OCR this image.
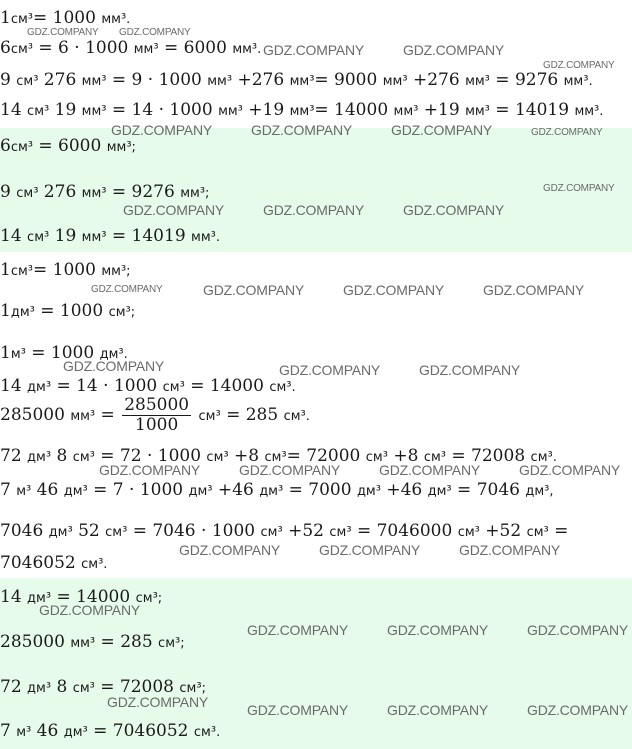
1см³= 1000 мм³.
6см³ = 6 · 1000 мм³ = 6000 мм³.
9 см³ 276 мм³ = 9 · 1000 мм³ +276 мм³= 9000 мм³ +276 мм³ = 9276 мм³.
14 см³ 19 мм³ = 14 · 1000 мм³ +19 мм³= 14000 мм³ +19 мм³ = 14019 мм³.
6см³ = 6000 мм³;
9 см³ 276 мм³ = 9276 мм³;
14 см³ 19 мм³ = 14019 мм³.
1см³= 1000 мм³;
1дм³ = 1000 см³;
1м³ = 1000 дм³.
14 дм³ = 14 · 1000 см³ = 14000 см³.
285000 $мм^3 = \frac{285000}{1000} см^3 = 285$ см³.
72 дм³ 8 см³ = 72 · 1000 см³ +8 см³= 72000 см³ +8 см³ = 72008 см³.
7 м³ 46 дм³ = 7 · 1000 дм³ +46 дм³ = 7000 дм³ +46 дм³ = 7046 дм³,
7046 дм³ 52 см³ = 7046 · 1000 см³ +52 см³ = 7046000 см³ +52 см³ =
7046052 см³.
14 дм³ = 14000 см³;
285000 мм³ = 285 см³;
72 дм³ 8 см³ = 72008 см³;
7 м³ 46 дм³ = 7046052 см³.
GDZ.COMPANY GDZ.COMPANY
GDZ.COMPANY	GDZ.COMPANY
GDZ.COMPANY
GDZ.COMPANY	GDZ.COMPANY	GDZ.COMPANY	GDZ.COMPANY
GDZ.COMPANY
GDZ.COMPANY	GDZ.COMPANY	GDZ.COMPANY
GDZ.COMPANY	GDZ.COMPANY	GDZ.COMPANY	GDZ.COMPANY
GDZ.COMPANY	GDZ.COMPANY	GDZ.COMPANY
GDZ.COMPANY	GDZ.COMPANY	GDZ.COMPANY	GDZ.COMPANY
GDZ.COMPANY	GDZ.COMPANY	GDZ.COMPANY
GDZ.COMPANY
GDZ.COMPANY	GDZ.COMPANY	GDZ.COMPANY
GDZ.COMPANY	GDZ.COMPANY	GDZ.COMPANY	GDZ.COMPANY
